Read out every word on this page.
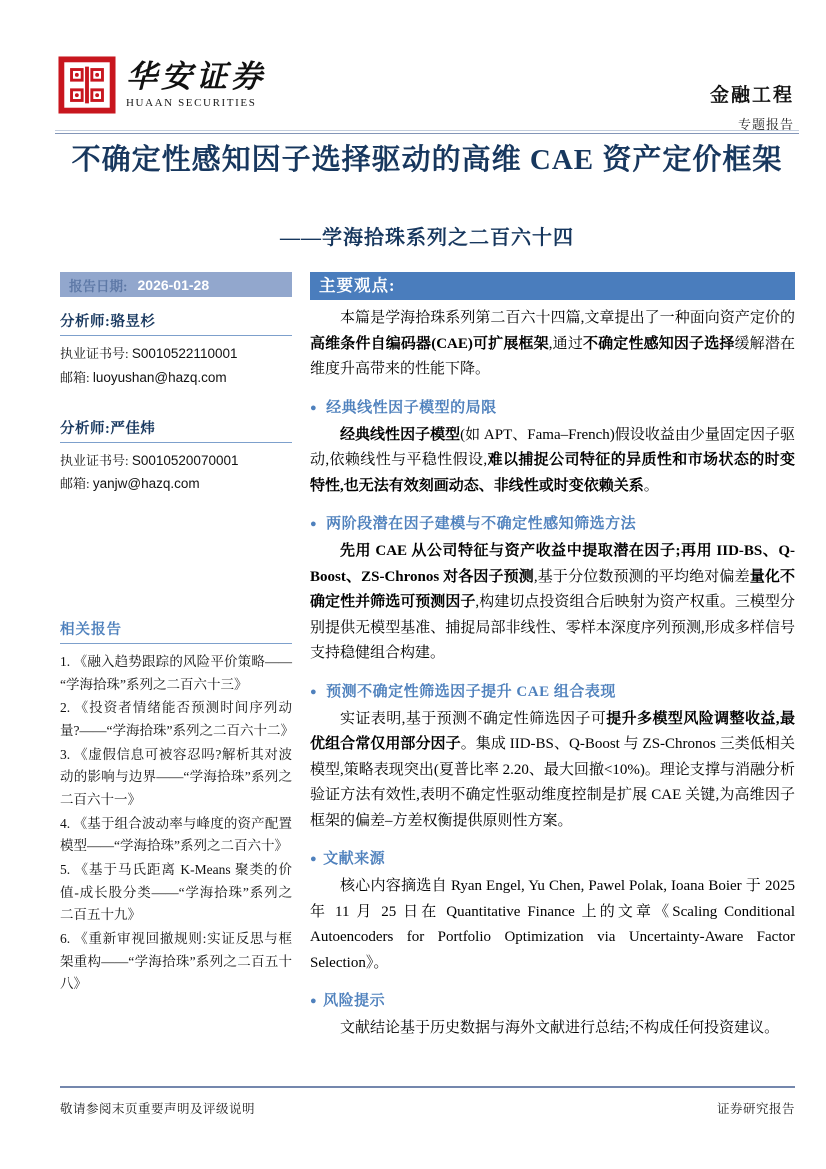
华安证券
HUAAN SECURITIES	金融工程
专题报告
不确定性感知因子选择驱动的高维 CAE 资产定价框架
——学海拾珠系列之二百六十四
报告日期: 2026-01-28
分析师:骆昱杉
执业证书号: S0010522110001
邮箱: luoyushan@hazq.com
分析师:严佳炜
执业证书号: S0010520070001
邮箱: yanjw@hazq.com
相关报告
1. 《融入趋势跟踪的风险平价策略——“学海拾珠”系列之二百六十三》
2. 《投资者情绪能否预测时间序列动量?——“学海拾珠”系列之二百六十二》
3. 《虚假信息可被容忍吗?解析其对波动的影响与边界——“学海拾珠”系列之二百六十一》
4. 《基于组合波动率与峰度的资产配置模型——“学海拾珠”系列之二百六十》
5. 《基于马氏距离 K-Means 聚类的价值-成长股分类——“学海拾珠”系列之二百五十九》
6. 《重新审视回撤规则:实证反思与框架重构——“学海拾珠”系列之二百五十八》
主要观点:

本篇是学海拾珠系列第二百六十四篇,文章提出了一种面向资产定价的高维条件自编码器(CAE)可扩展框架,通过不确定性感知因子选择缓解潜在维度升高带来的性能下降。

● 经典线性因子模型的局限

经典线性因子模型(如 APT、Fama–French)假设收益由少量固定因子驱动,依赖线性与平稳性假设,难以捕捉公司特征的异质性和市场状态的时变特性,也无法有效刻画动态、非线性或时变依赖关系。

● 两阶段潜在因子建模与不确定性感知筛选方法

先用 CAE 从公司特征与资产收益中提取潜在因子;再用 IID-BS、Q-Boost、ZS-Chronos 对各因子预测,基于分位数预测的平均绝对偏差量化不确定性并筛选可预测因子,构建切点投资组合后映射为资产权重。三模型分别提供无模型基准、捕捉局部非线性、零样本深度序列预测,形成多样信号支持稳健组合构建。

● 预测不确定性筛选因子提升 CAE 组合表现

实证表明,基于预测不确定性筛选因子可提升多模型风险调整收益,最优组合常仅用部分因子。集成 IID-BS、Q-Boost 与 ZS-Chronos 三类低相关模型,策略表现突出(夏普比率 2.20、最大回撤<10%)。理论支撑与消融分析验证方法有效性,表明不确定性驱动维度控制是扩展 CAE 关键,为高维因子框架的偏差–方差权衡提供原则性方案。

● 文献来源

核心内容摘选自 Ryan Engel, Yu Chen, Pawel Polak, Ioana Boier 于 2025 年 11 月 25 日在 Quantitative Finance 上的文章《Scaling Conditional Autoencoders for Portfolio Optimization via Uncertainty-Aware Factor Selection》。

● 风险提示

文献结论基于历史数据与海外文献进行总结;不构成任何投资建议。

敬请参阅末页重要声明及评级说明	证券研究报告
